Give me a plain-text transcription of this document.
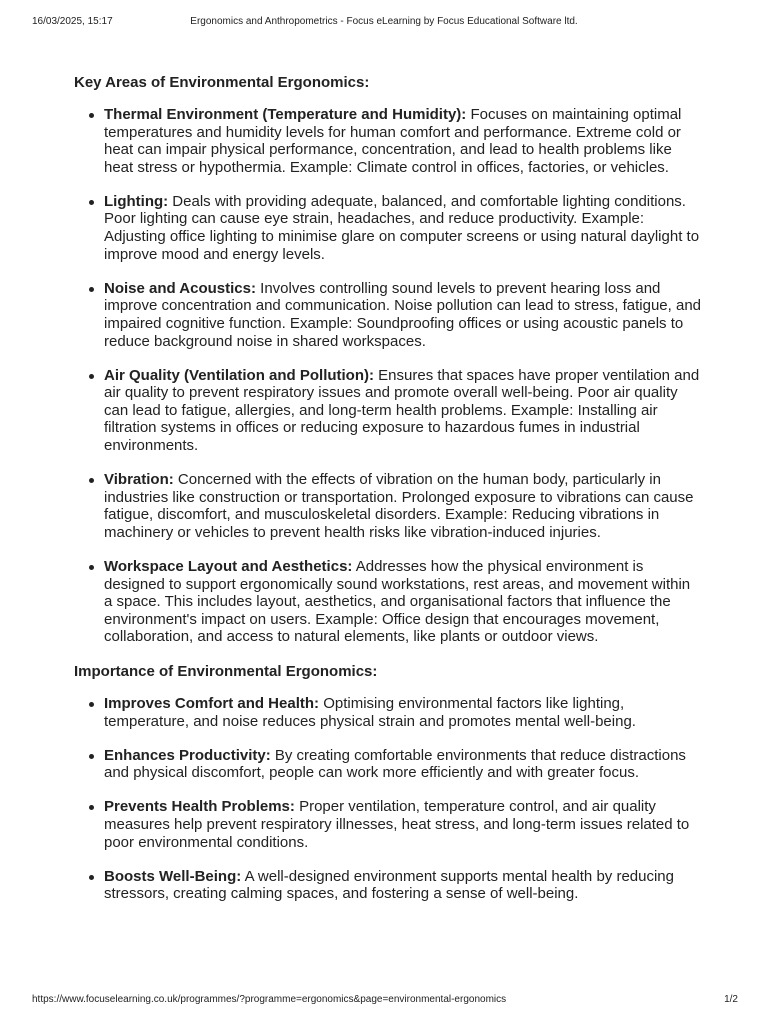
16/03/2025, 15:17	Ergonomics and Anthropometrics - Focus eLearning by Focus Educational Software ltd.
Key Areas of Environmental Ergonomics:
Thermal Environment (Temperature and Humidity): Focuses on maintaining optimal temperatures and humidity levels for human comfort and performance. Extreme cold or heat can impair physical performance, concentration, and lead to health problems like heat stress or hypothermia. Example: Climate control in offices, factories, or vehicles.
Lighting: Deals with providing adequate, balanced, and comfortable lighting conditions. Poor lighting can cause eye strain, headaches, and reduce productivity. Example: Adjusting office lighting to minimise glare on computer screens or using natural daylight to improve mood and energy levels.
Noise and Acoustics: Involves controlling sound levels to prevent hearing loss and improve concentration and communication. Noise pollution can lead to stress, fatigue, and impaired cognitive function. Example: Soundproofing offices or using acoustic panels to reduce background noise in shared workspaces.
Air Quality (Ventilation and Pollution): Ensures that spaces have proper ventilation and air quality to prevent respiratory issues and promote overall well-being. Poor air quality can lead to fatigue, allergies, and long-term health problems. Example: Installing air filtration systems in offices or reducing exposure to hazardous fumes in industrial environments.
Vibration: Concerned with the effects of vibration on the human body, particularly in industries like construction or transportation. Prolonged exposure to vibrations can cause fatigue, discomfort, and musculoskeletal disorders. Example: Reducing vibrations in machinery or vehicles to prevent health risks like vibration-induced injuries.
Workspace Layout and Aesthetics: Addresses how the physical environment is designed to support ergonomically sound workstations, rest areas, and movement within a space. This includes layout, aesthetics, and organisational factors that influence the environment's impact on users. Example: Office design that encourages movement, collaboration, and access to natural elements, like plants or outdoor views.
Importance of Environmental Ergonomics:
Improves Comfort and Health: Optimising environmental factors like lighting, temperature, and noise reduces physical strain and promotes mental well-being.
Enhances Productivity: By creating comfortable environments that reduce distractions and physical discomfort, people can work more efficiently and with greater focus.
Prevents Health Problems: Proper ventilation, temperature control, and air quality measures help prevent respiratory illnesses, heat stress, and long-term issues related to poor environmental conditions.
Boosts Well-Being: A well-designed environment supports mental health by reducing stressors, creating calming spaces, and fostering a sense of well-being.
https://www.focuselearning.co.uk/programmes/?programme=ergonomics&page=environmental-ergonomics	1/2
